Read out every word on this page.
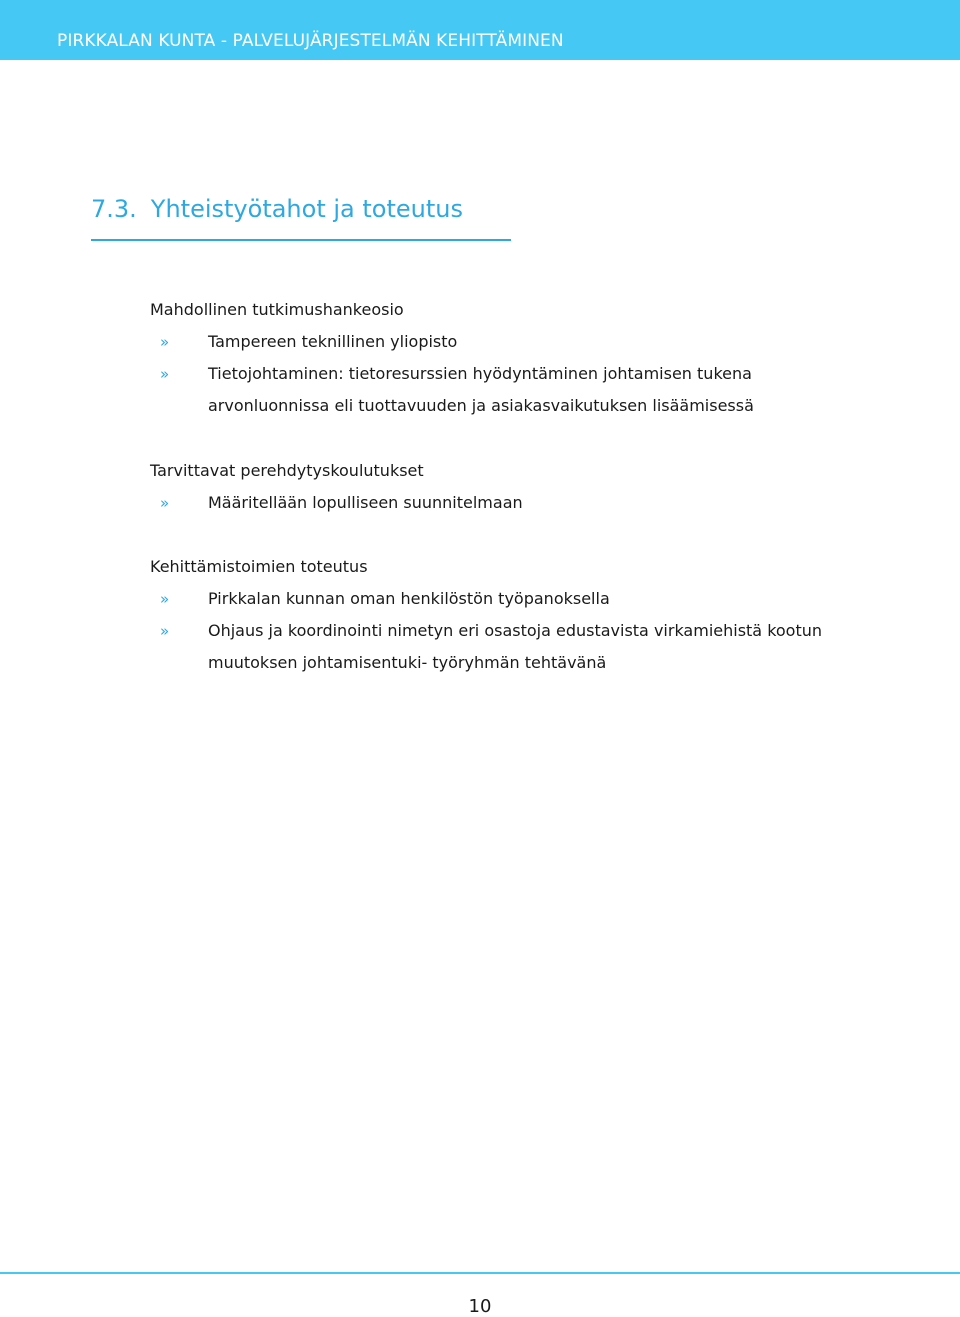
PIRKKALAN KUNTA - PALVELUJÄRJESTELMÄN KEHITTÄMINEN
7.3. Yhteistyötahot ja toteutus
Mahdollinen tutkimushankeosio
» Tampereen teknillinen yliopisto
» Tietojohtaminen: tietoresurssien hyödyntäminen johtamisen tukena arvonluonnissa eli tuottavuuden ja asiakasvaikutuksen lisäämisessä
Tarvittavat perehdytyskoulutukset
» Määritellään lopulliseen suunnitelmaan
Kehittämistoimien toteutus
» Pirkkalan kunnan oman henkilöstön työpanoksella
» Ohjaus ja koordinointi nimetyn eri osastoja edustavista virkamiehistä kootun muutoksen johtamisentuki- työryhmän tehtävänä
10
